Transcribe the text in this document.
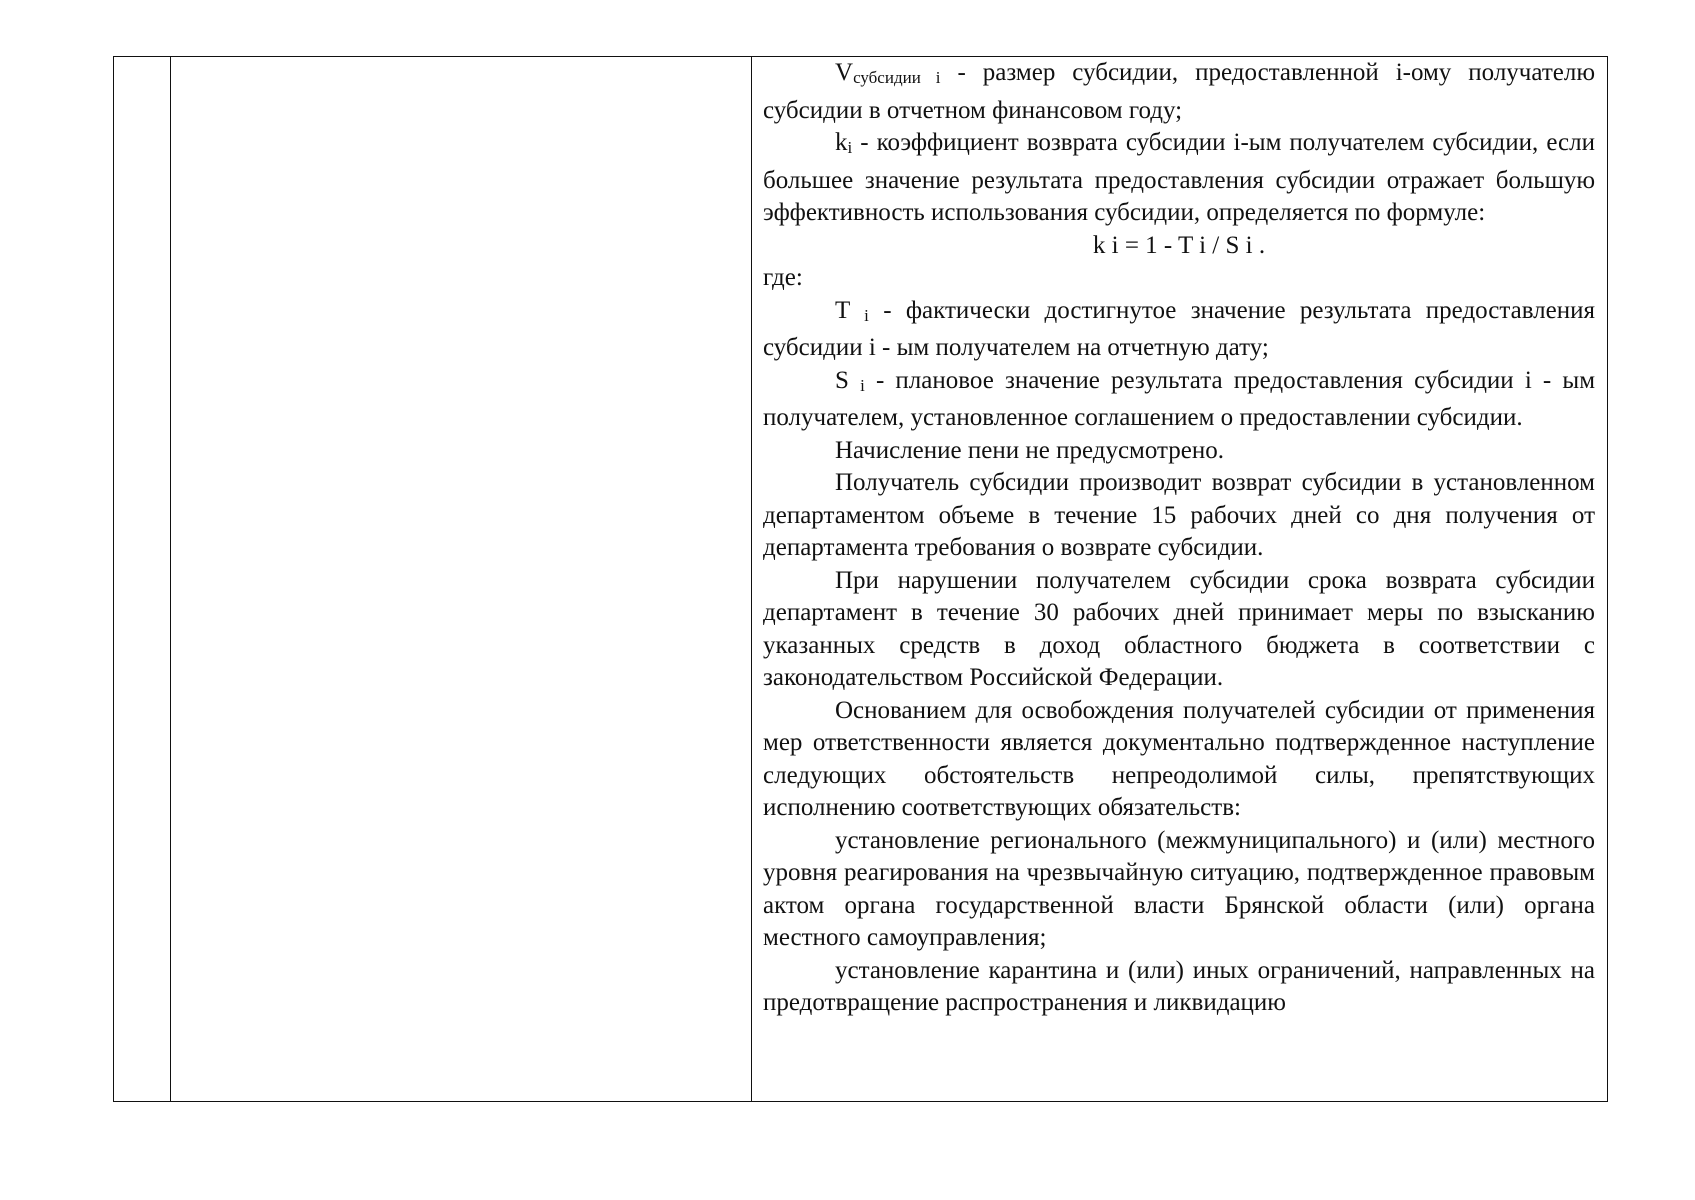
$V_{субсидии i}$ - размер субсидии, предоставленной i-ому получателю субсидии в отчетном финансовом году;

$k_i$ - коэффициент возврата субсидии i-ым получателем субсидии, если большее значение результата предоставления субсидии отражает большую эффективность использования субсидии, определяется по формуле:

k i = 1 - T i / S i .

где:

T $_i$ - фактически достигнутое значение результата предоставления субсидии i - ым получателем на отчетную дату;

S $_i$ - плановое значение результата предоставления субсидии i - ым получателем, установленное соглашением о предоставлении субсидии.

Начисление пени не предусмотрено.

Получатель субсидии производит возврат субсидии в установленном департаментом объеме в течение 15 рабочих дней со дня получения от департамента требования о возврате субсидии.

При нарушении получателем субсидии срока возврата субсидии департамент в течение 30 рабочих дней принимает меры по взысканию указанных средств в доход областного бюджета в соответствии с законодательством Российской Федерации.

Основанием для освобождения получателей субсидии от применения мер ответственности является документально подтвержденное наступление следующих обстоятельств непреодолимой силы, препятствующих исполнению соответствующих обязательств:

установление регионального (межмуниципального) и (или) местного уровня реагирования на чрезвычайную ситуацию, подтвержденное правовым актом органа государственной власти Брянской области (или) органа местного самоуправления;

установление карантина и (или) иных ограничений, направленных на предотвращение распространения и ликвидацию
